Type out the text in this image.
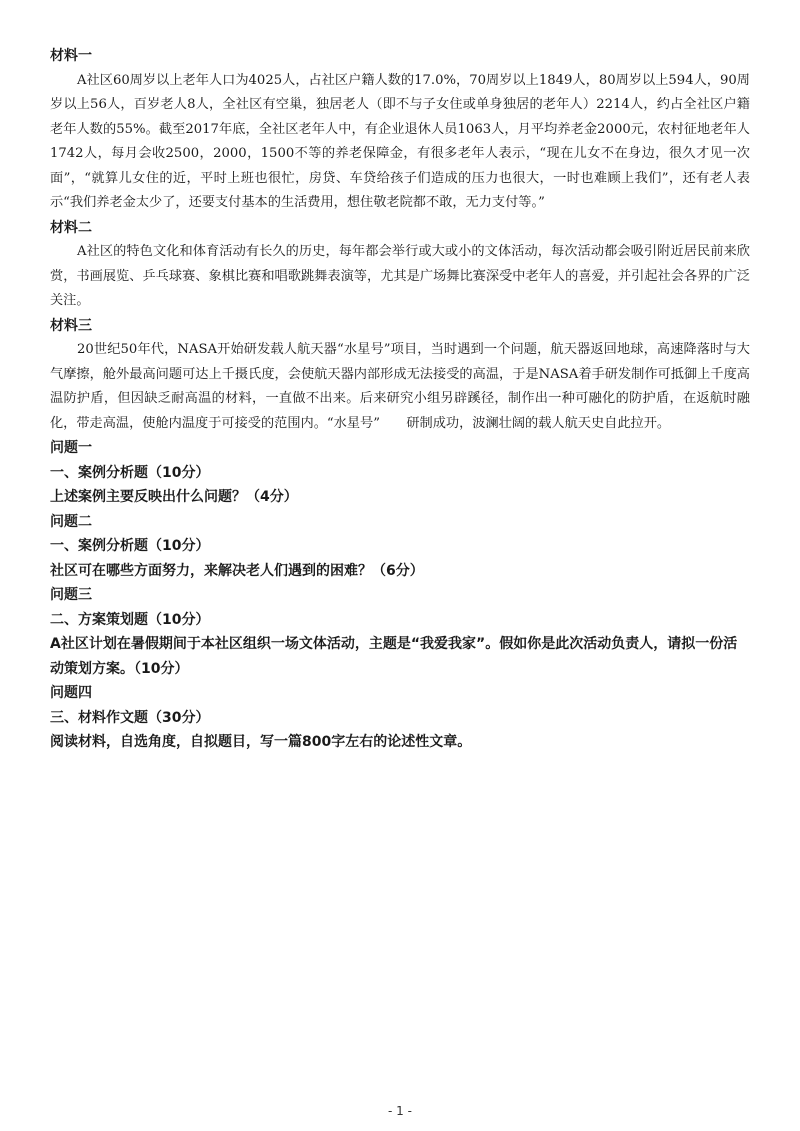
材料一

A社区60周岁以上老年人口为4025人，占社区户籍人数的17.0%，70周岁以上1849人，80周岁以上594人，90周岁以上56人，百岁老人8人，全社区有空巢，独居老人（即不与子女住或单身独居的老年人）2214人，约占全社区户籍老年人数的55%。截至2017年底，全社区老年人中，有企业退休人员1063人，月平均养老金2000元，农村征地老年人1742人，每月会收2500，2000，1500不等的养老保障金，有很多老年人表示，“现在儿女不在身边，很久才见一次面”，“就算儿女住的近，平时上班也很忙，房贷、车贷给孩子们造成的压力也很大，一时也难顾上我们”，还有老人表示“我们养老金太少了，还要支付基本的生活费用，想住敬老院都不敢，无力支付等。”

材料二

A社区的特色文化和体育活动有长久的历史，每年都会举行或大或小的文体活动，每次活动都会吸引附近居民前来欣赏，书画展览、乒乓球赛、象棋比赛和唱歌跳舞表演等，尤其是广场舞比赛深受中老年人的喜爱，并引起社会各界的广泛关注。

材料三

20世纪50年代，NASA开始研发载人航天器“水星号”项目，当时遇到一个问题，航天器返回地球，高速降落时与大气摩擦，舱外最高问题可达上千摄氏度，会使航天器内部形成无法接受的高温，于是NASA着手研发制作可抵御上千度高温防护盾，但因缺乏耐高温的材料，一直做不出来。后来研究小组另辟蹊径，制作出一种可融化的防护盾，在返航时融化，带走高温，使舱内温度于可接受的范围内。“水星号”　　研制成功，波澜壮阔的载人航天史自此拉开。

问题一

一、案例分析题（10分）

上述案例主要反映出什么问题？（4分）

问题二

一、案例分析题（10分）

社区可在哪些方面努力，来解决老人们遇到的困难？（6分）

问题三

二、方案策划题（10分）

A社区计划在暑假期间于本社区组织一场文体活动，主题是“我爱我家”。假如你是此次活动负责人，请拟一份活动策划方案。（10分）

问题四

三、材料作文题（30分）

阅读材料，自选角度，自拟题目，写一篇800字左右的论述性文章。

- 1 -
